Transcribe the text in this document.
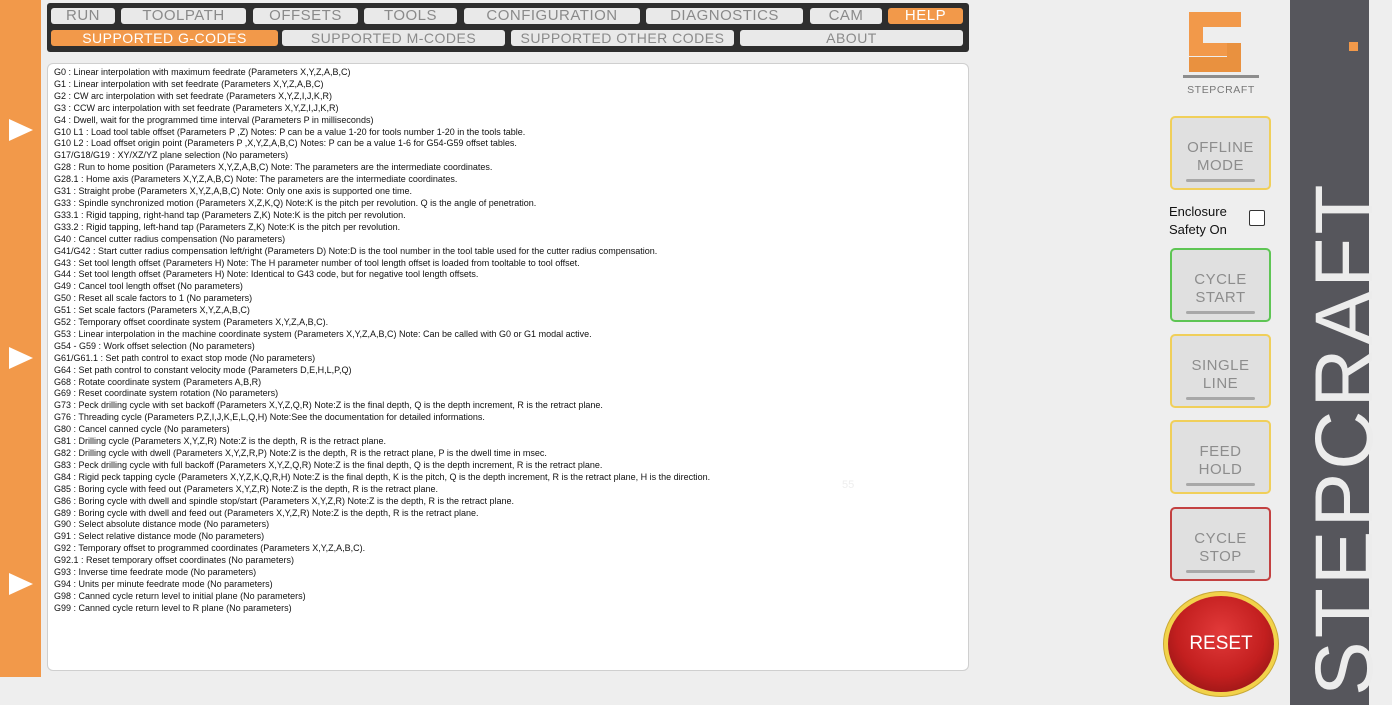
RUN	TOOLPATH	OFFSETS	TOOLS	CONFIGURATION	DIAGNOSTICS	CAM	HELP
SUPPORTED G-CODES	SUPPORTED M-CODES	SUPPORTED OTHER CODES	ABOUT
G0 : Linear interpolation with maximum feedrate (Parameters X,Y,Z,A,B,C)
G1 : Linear interpolation with set feedrate (Parameters X,Y,Z,A,B,C)
G2 : CW arc interpolation with set feedrate (Parameters X,Y,Z,I,J,K,R)
G3 : CCW arc interpolation with set feedrate (Parameters X,Y,Z,I,J,K,R)
G4 : Dwell, wait for the programmed time interval (Parameters P in milliseconds)
G10 L1 : Load tool table offset (Parameters P ,Z) Notes: P can be a value 1-20 for tools number 1-20 in the tools table.
G10 L2 : Load offset origin point (Parameters P ,X,Y,Z,A,B,C) Notes: P can be a value 1-6 for G54-G59 offset tables.
G17/G18/G19 : XY/XZ/YZ plane selection (No parameters)
G28 : Run to home position (Parameters X,Y,Z,A,B,C) Note: The parameters are the intermediate coordinates.
G28.1 : Home axis (Parameters X,Y,Z,A,B,C) Note: The parameters are the intermediate coordinates.
G31 : Straight probe (Parameters X,Y,Z,A,B,C) Note: Only one axis is supported one time.
G33 : Spindle synchronized motion (Parameters X,Z,K,Q) Note:K is the pitch per revolution. Q is the angle of penetration.
G33.1 : Rigid tapping, right-hand tap (Parameters Z,K) Note:K is the pitch per revolution.
G33.2 : Rigid tapping, left-hand tap (Parameters Z,K) Note:K is the pitch per revolution.
G40 : Cancel cutter radius compensation (No parameters)
G41/G42 : Start cutter radius compensation left/right (Parameters D) Note:D is the tool number in the tool table used for the cutter radius compensation.
G43 : Set tool length offset (Parameters H) Note: The H parameter number of tool length offset is loaded from tooltable to tool offset.
G44 : Set tool length offset (Parameters H) Note: Identical to G43 code, but for negative tool length offsets.
G49 : Cancel tool length offset (No parameters)
G50 : Reset all scale factors to 1 (No parameters)
G51 : Set scale factors (Parameters X,Y,Z,A,B,C)
G52 : Temporary offset coordinate system (Parameters X,Y,Z,A,B,C).
G53 : Linear interpolation in the machine coordinate system (Parameters X,Y,Z,A,B,C) Note: Can be called with G0 or G1 modal active.
G54 - G59 : Work offset selection (No parameters)
G61/G61.1 : Set path control to exact stop mode (No parameters)
G64 : Set path control to constant velocity mode (Parameters D,E,H,L,P,Q)
G68 : Rotate coordinate system (Parameters A,B,R)
G69 : Reset coordinate system rotation (No parameters)
G73 : Peck drilling cycle with set backoff (Parameters X,Y,Z,Q,R) Note:Z is the final depth, Q is the depth increment, R is the retract plane.
G76 : Threading cycle (Parameters P,Z,I,J,K,E,L,Q,H) Note:See the documentation for detailed informations.
G80 : Cancel canned cycle (No parameters)
G81 : Drilling cycle (Parameters X,Y,Z,R) Note:Z is the depth, R is the retract plane.
G82 : Drilling cycle with dwell (Parameters X,Y,Z,R,P) Note:Z is the depth, R is the retract plane, P is the dwell time in msec.
G83 : Peck drilling cycle with full backoff (Parameters X,Y,Z,Q,R) Note:Z is the final depth, Q is the depth increment, R is the retract plane.
G84 : Rigid peck tapping cycle (Parameters X,Y,Z,K,Q,R,H) Note:Z is the final depth, K is the pitch, Q is the depth increment, R is the retract plane, H is the direction.
G85 : Boring cycle with feed out (Parameters X,Y,Z,R) Note:Z is the depth, R is the retract plane.
G86 : Boring cycle with dwell and spindle stop/start (Parameters X,Y,Z,R) Note:Z is the depth, R is the retract plane.
G89 : Boring cycle with dwell and feed out (Parameters X,Y,Z,R) Note:Z is the depth, R is the retract plane.
G90 : Select absolute distance mode (No parameters)
G91 : Select relative distance mode (No parameters)
G92 : Temporary offset to programmed coordinates (Parameters X,Y,Z,A,B,C).
G92.1 : Reset temporary offset coordinates (No parameters)
G93 : Inverse time feedrate mode (No parameters)
G94 : Units per minute feedrate mode (No parameters)
G98 : Canned cycle return level to initial plane (No parameters)
G99 : Canned cycle return level to R plane (No parameters)
55
STEPCRAFT
OFFLINE MODE
Enclosure
Safety On
CYCLE START
SINGLE LINE
FEED HOLD
CYCLE STOP
RESET STEPCRAFT
